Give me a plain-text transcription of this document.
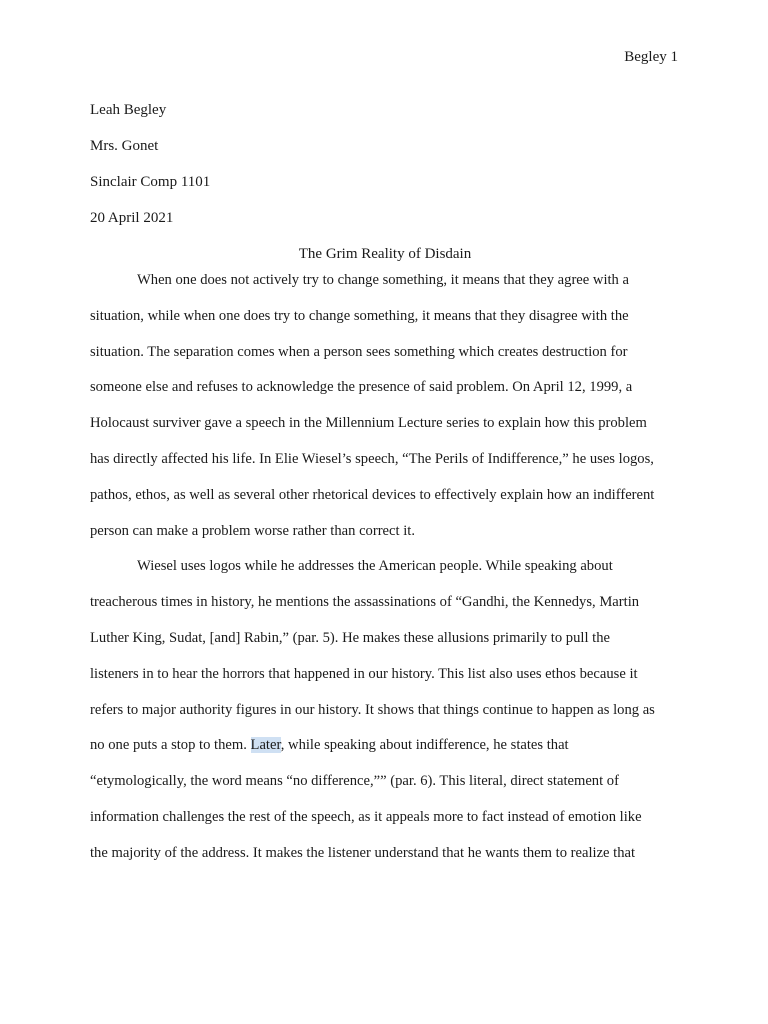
Begley 1
Leah Begley
Mrs. Gonet
Sinclair Comp 1101
20 April 2021
The Grim Reality of Disdain
When one does not actively try to change something, it means that they agree with a
situation, while when one does try to change something, it means that they disagree with the
situation. The separation comes when a person sees something which creates destruction for
someone else and refuses to acknowledge the presence of said problem. On April 12, 1999, a
Holocaust surviver gave a speech in the Millennium Lecture series to explain how this problem
has directly affected his life. In Elie Wiesel’s speech, “The Perils of Indifference,” he uses logos,
pathos, ethos, as well as several other rhetorical devices to effectively explain how an indifferent
person can make a problem worse rather than correct it.
Wiesel uses logos while he addresses the American people. While speaking about
treacherous times in history, he mentions the assassinations of “Gandhi, the Kennedys, Martin
Luther King, Sudat, [and] Rabin,” (par. 5). He makes these allusions primarily to pull the
listeners in to hear the horrors that happened in our history. This list also uses ethos because it
refers to major authority figures in our history. It shows that things continue to happen as long as
no one puts a stop to them. Later, while speaking about indifference, he states that
“etymologically, the word means “no difference,”” (par. 6). This literal, direct statement of
information challenges the rest of the speech, as it appeals more to fact instead of emotion like
the majority of the address. It makes the listener understand that he wants them to realize that
